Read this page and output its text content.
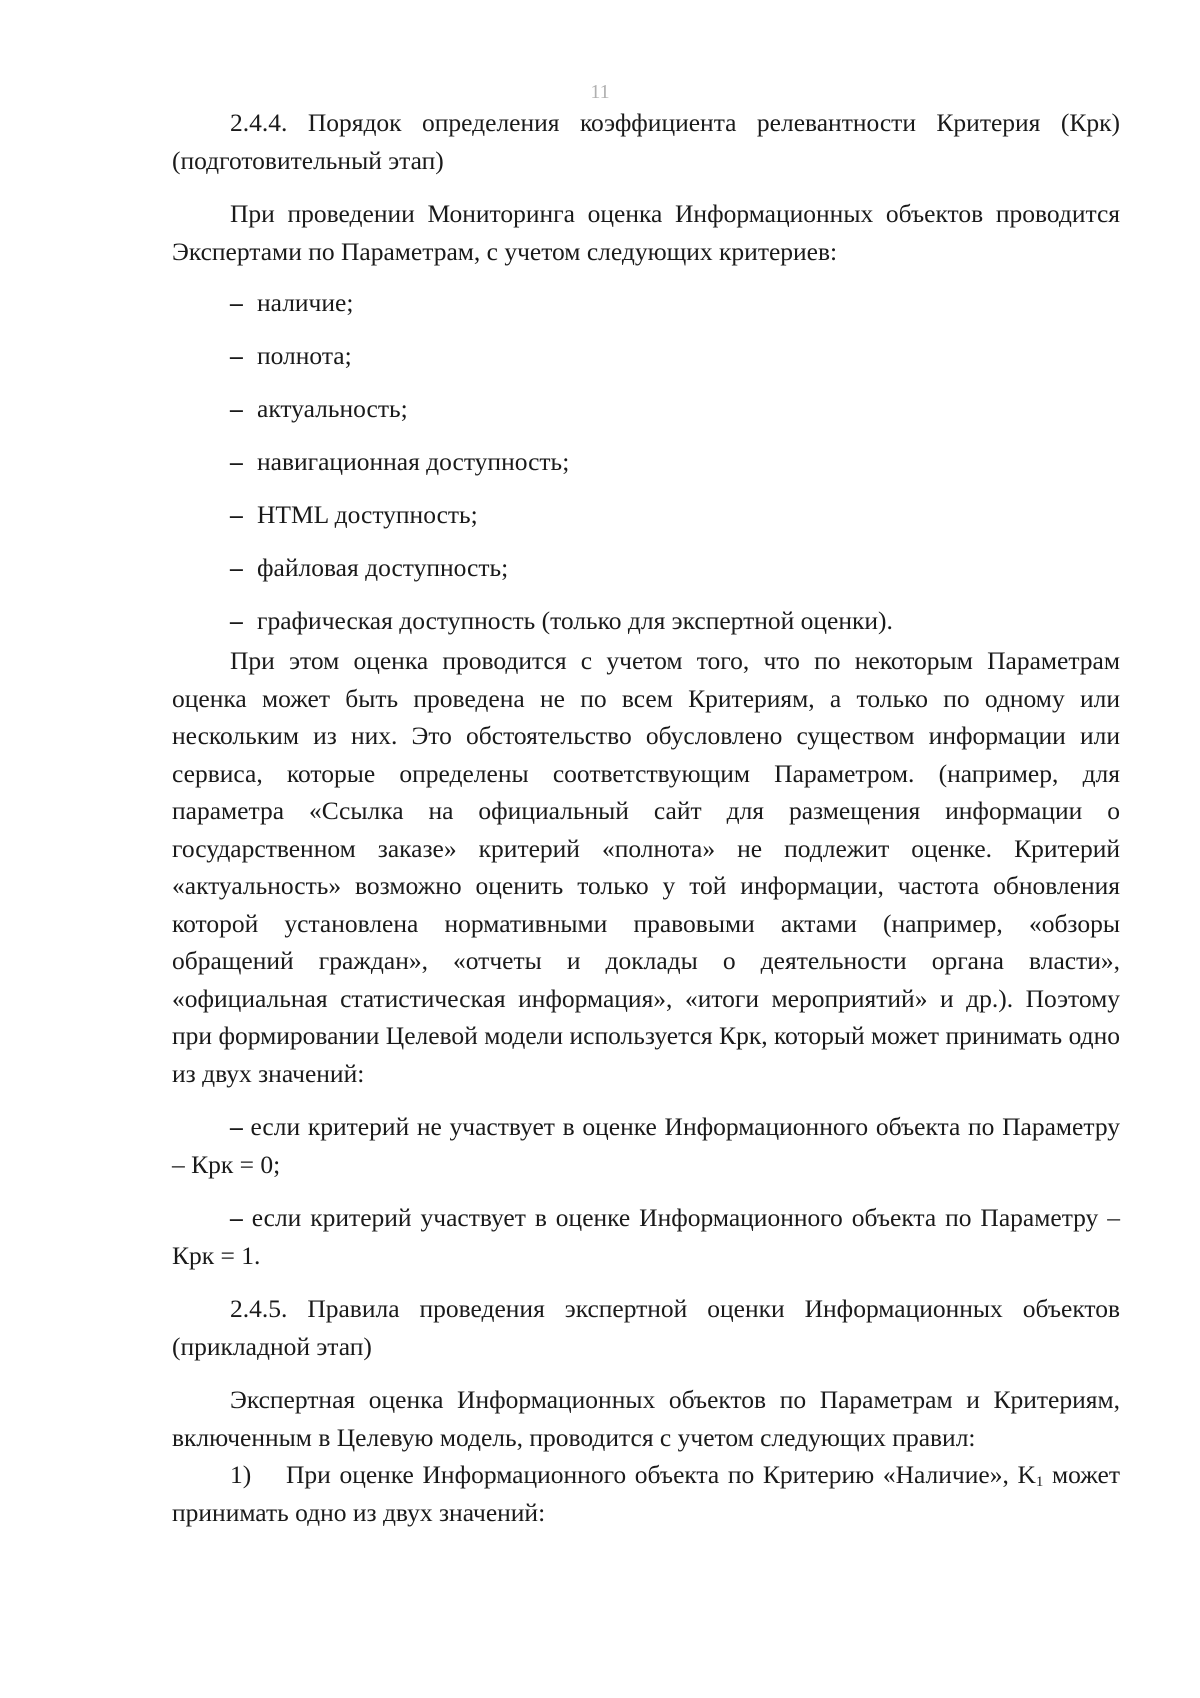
11

2.4.4. Порядок определения коэффициента релевантности Критерия (Крк) (подготовительный этап)

При проведении Мониторинга оценка Информационных объектов проводится Экспертами по Параметрам, с учетом следующих критериев:

– наличие;
– полнота;
– актуальность;
– навигационная доступность;
– HTML доступность;
– файловая доступность;
– графическая доступность (только для экспертной оценки).

При этом оценка проводится с учетом того, что по некоторым Параметрам оценка может быть проведена не по всем Критериям, а только по одному или нескольким из них. Это обстоятельство обусловлено существом информации или сервиса, которые определены соответствующим Параметром. (например, для параметра «Ссылка на официальный сайт для размещения информации о государственном заказе» критерий «полнота» не подлежит оценке. Критерий «актуальность» возможно оценить только у той информации, частота обновления которой установлена нормативными правовыми актами (например, «обзоры обращений граждан», «отчеты и доклады о деятельности органа власти», «официальная статистическая информация», «итоги мероприятий» и др.). Поэтому при формировании Целевой модели используется Крк, который может принимать одно из двух значений:

– если критерий не участвует в оценке Информационного объекта по Параметру – Крк = 0;

– если критерий участвует в оценке Информационного объекта по Параметру – Крк = 1.

2.4.5. Правила проведения экспертной оценки Информационных объектов (прикладной этап)

Экспертная оценка Информационных объектов по Параметрам и Критериям, включенным в Целевую модель, проводится с учетом следующих правил:

1) При оценке Информационного объекта по Критерию «Наличие», $K_1$ может принимать одно из двух значений:
